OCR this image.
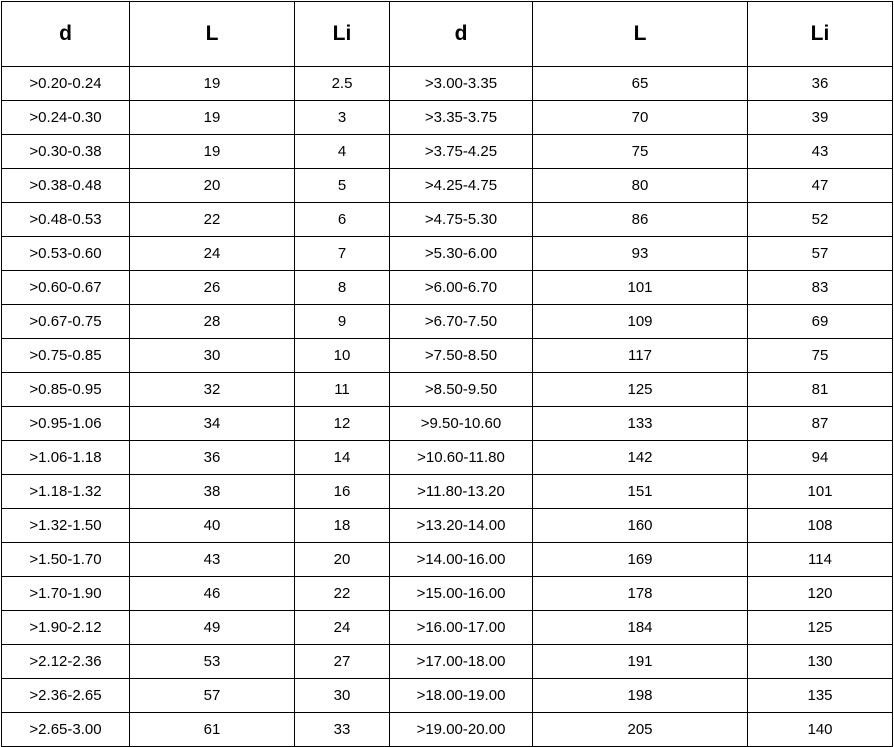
d	L	Li	d	L	Li
>0.20-0.24	19	2.5	>3.00-3.35	65	36
>0.24-0.30	19	3	>3.35-3.75	70	39
>0.30-0.38	19	4	>3.75-4.25	75	43
>0.38-0.48	20	5	>4.25-4.75	80	47
>0.48-0.53	22	6	>4.75-5.30	86	52
>0.53-0.60	24	7	>5.30-6.00	93	57
>0.60-0.67	26	8	>6.00-6.70	101	83
>0.67-0.75	28	9	>6.70-7.50	109	69
>0.75-0.85	30	10	>7.50-8.50	117	75
>0.85-0.95	32	11	>8.50-9.50	125	81
>0.95-1.06	34	12	>9.50-10.60	133	87
>1.06-1.18	36	14	>10.60-11.80	142	94
>1.18-1.32	38	16	>11.80-13.20	151	101
>1.32-1.50	40	18	>13.20-14.00	160	108
>1.50-1.70	43	20	>14.00-16.00	169	114
>1.70-1.90	46	22	>15.00-16.00	178	120
>1.90-2.12	49	24	>16.00-17.00	184	125
>2.12-2.36	53	27	>17.00-18.00	191	130
>2.36-2.65	57	30	>18.00-19.00	198	135
>2.65-3.00	61	33	>19.00-20.00	205	140
